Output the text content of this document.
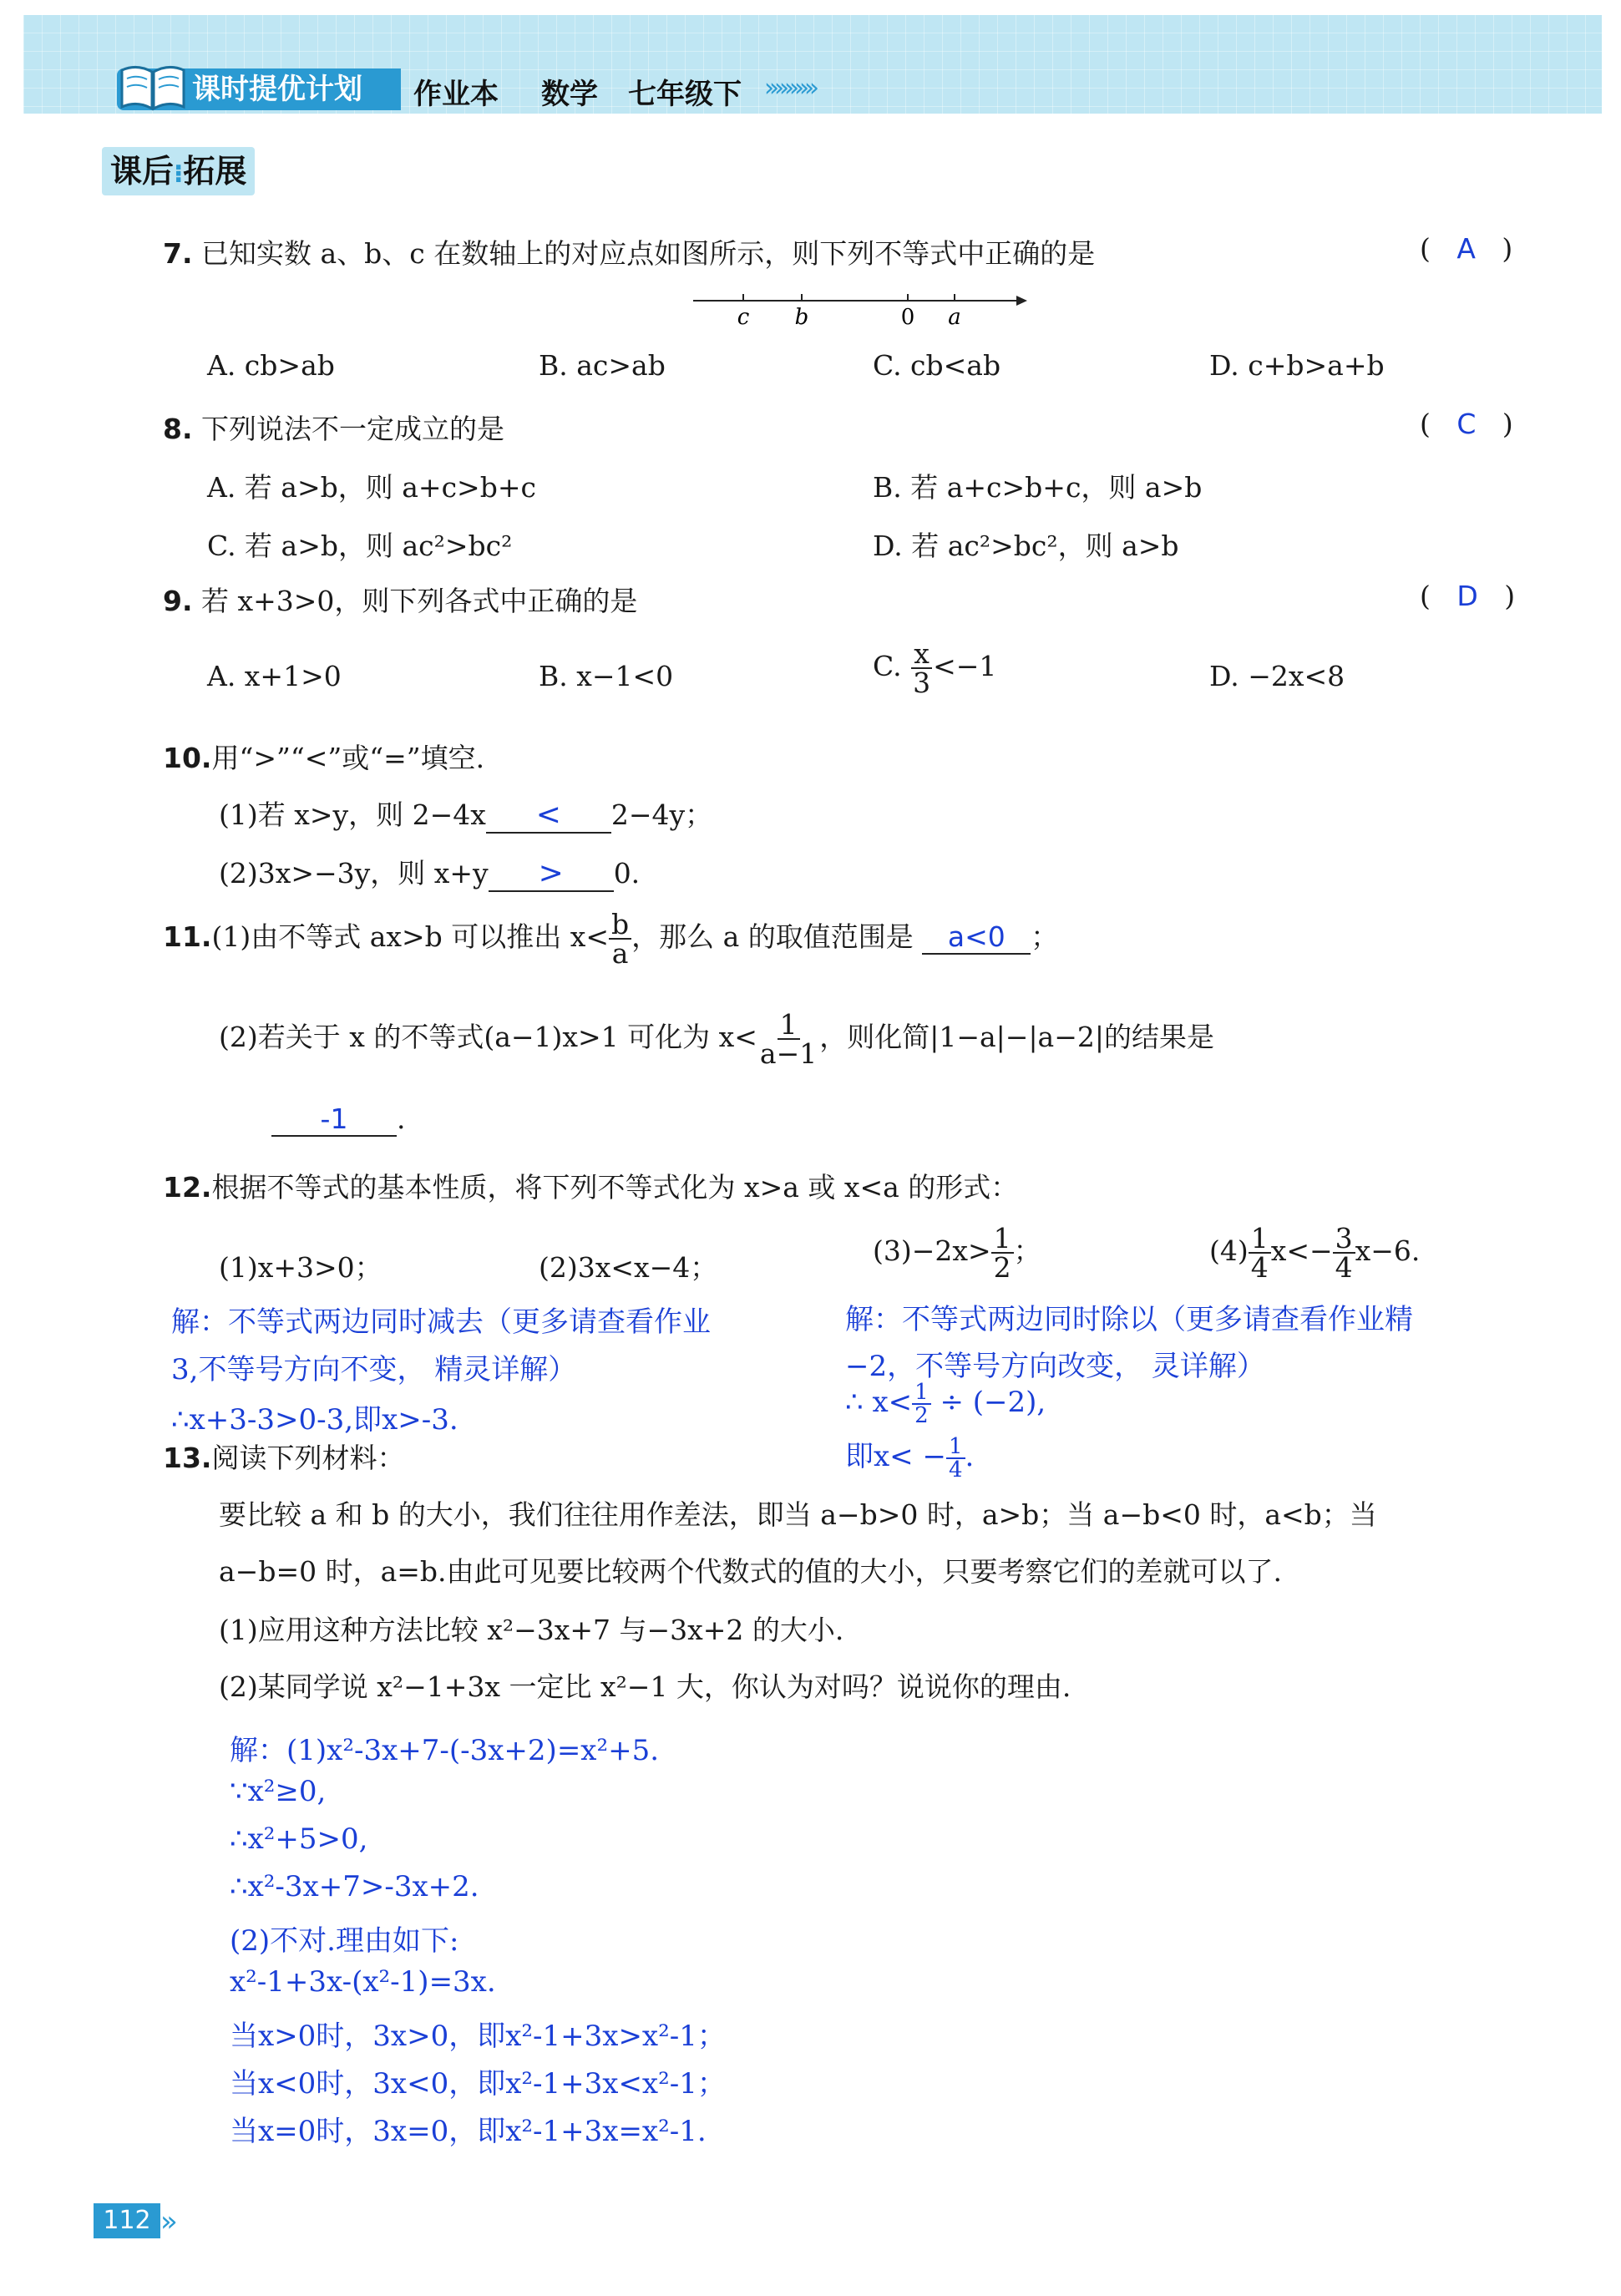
课时提优计划	作业本 数学 七年级下 ››››››››››
课后⁝拓展
7. 已知实数 a、b、c 在数轴上的对应点如图所示，则下列不等式中正确的是	(   A   )
c b	0 a
A. cb>ab	B. ac>ab	C. cb<ab	D. c+b>a+b
8. 下列说法不一定成立的是	(   C   )
A. 若 a>b，则 a+c>b+c	B. 若 a+c>b+c，则 a>b
C. 若 a>b，则 ac²>bc²	D. 若 ac²>bc²，则 a>b
9. 若 x+3>0，则下列各式中正确的是	(   D   )
A. x+1>0	B. x−1<0	C. $\frac{x}{3} <-1$	D. −2x<8
10.用“>”“<”或“=”填空.
(1)若 x>y，则 2−4x < 2−4y；
(2)3x>−3y，则 x+y > 0.
11.(1)由不等式 ax>b 可以推出 $x< \frac{b}{a}$ ，那么 a 的取值范围是 a<0 ；
(2)若关于 x 的不等式(a−1)x>1 可化为 $x< \frac{1}{a-1}$ ，则化简|1−a|−|a−2|的结果是
-1 .
12.根据不等式的基本性质，将下列不等式化为 x>a 或 x<a 的形式：
(1)x+3>0；	(2)3x<x−4；
$(3)-2x> \frac{1}{2}$ ；	$(4) \frac{1}{4} x<- \frac{3}{4} x-6$.
解：不等式两边同时减去（更多请查看作业
3,不等号方向不变， 精灵详解）
∴x+3-3>0-3,即x>-3.
解：不等式两边同时除以（更多请查看作业精
−2，不等号方向改变， 灵详解）
∴ $x< \frac{1}{2} \div (-2)$,
即$x< - \frac{1}{4}$ .
13.阅读下列材料：
要比较 a 和 b 的大小，我们往往用作差法，即当 a−b>0 时，a>b；当 a−b<0 时，a<b；当
a−b=0 时，a=b.由此可见要比较两个代数式的值的大小，只要考察它们的差就可以了.
(1)应用这种方法比较 x²−3x+7 与−3x+2 的大小.
(2)某同学说 x²−1+3x 一定比 x²−1 大，你认为对吗？说说你的理由.
解：(1)x²-3x+7-(-3x+2)=x²+5.
∵x²≥0,
∴x²+5>0,
∴x²-3x+7>-3x+2.
(2)不对.理由如下:
x²-1+3x-(x²-1)=3x.
当x>0时，3x>0，即x²-1+3x>x²-1；
当x<0时，3x<0，即x²-1+3x<x²-1；
当x=0时，3x=0，即x²-1+3x=x²-1.
112 »
